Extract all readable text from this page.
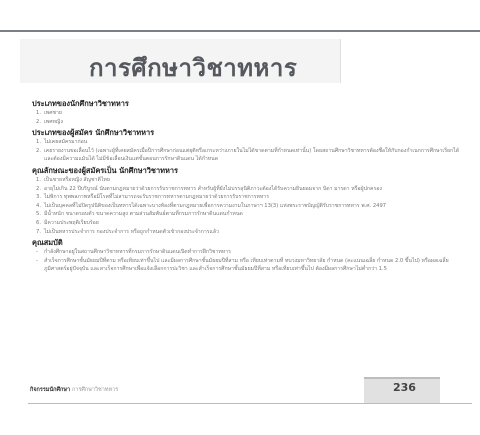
การศึกษาวิชาทหาร
ประเภทของนักศึกษาวิชาทหาร
เพศชาย
เพศหญิง
ประเภทของผู้สมัคร นักศึกษาวิชาทหาร
ไม่เคยสมัครมาก่อน
เคยรายงานขอเลื่อนไว้ (เฉพาะผู้ที่เคยสมัครเมื่อปีการศึกษาก่อนแต่ยุติหรือเกระหว่างภายในไม่ได้ขาดตามที่กำหนดเท่านั้น) โดยสถานศึกษาวิชาทหารต้องชื่อให้กับกองกำเนกการศึกษาเรียกได้ และต้องมีความแม้นได้ ไม่มีข้อเลื่อนเงินแต่ขั้นตอนการรักษาดินแดน ได้กำหนด
คุณลักษณะของผู้สมัครเป็น นักศึกษาวิชาทหาร
เป็นชายหรือหญิง สัญชาติไทย
อายุไม่เกิน 22 ปีบริบูรณ์ นับตามกฎหมายว่าด้วยการรับราชการทหาร สำหรับผู้ที่ยังไม่บรรลุนิติภาวะต้องได้รับความยินยอมจาก บิดา มารดา หรือผู้ปกครอง
ไม่พิการ ทุพพลภาพหรือมีโรคที่ไม่สามารถจะรับราชการทหารตามกฎหมายว่าด้วยการรับราชการทหาร
ไม่เป็นบุคคลที่ไม่ปิดรูปนิติของเป็นทหารได้เฉพาะบางท้องที่ตามกฎหมายเพื่อการความงามในภาษาฯ 13(3) แห่งพระราชบัญญัติรับราชการทหาร พ.ศ. 2497
มีน้ำหนัก ขนาดรอบตัว ขนาดความสูง ตามส่วนสัมพันธ์ตามที่กรมการรักษาดินแดนกำหนด
มีความประพฤติเรียบร้อย
ไม่เป็นทหารประจำการ กองประจำการ หรือถูกกำหนดตัวเข้ากองประจำการแล้ว
คุณสมบัติ
- กำลังศึกษาอยู่ในสถานศึกษาวิชาทหารที่กรมการรักษาดินแดนเปิดทำการฝึกวิชาทหาร
- สำเร็จการศึกษาชั้นมัธยมปีที่ตาม หรือเทียบเท่าขึ้นไป และมีผลการศึกษาชั้นมัธยมปีที่สาม หรือ เทียบเท่าตามที่ ทบวงมหาวิทยาลัย กำหนด (คะแนนเฉลี่ย กำหนด 2.0 ขึ้นไป) หรือผลเฉลี่ยภูมิศาสตร์อยู่ปัจจุบัน และสาเร็จการศึกษาเพื่อแจ้งเลือกการปะวิชา และสำเร็จการศึกษาชั้นมัธยมปีที่สาม หรือเทียบเท่าขึ้นไป ต้องมีผลการศึกษาไม่ต่ำกว่า 1.5
กิจกรรมนักศึกษา การศึกษาวิชาทหาร	236
